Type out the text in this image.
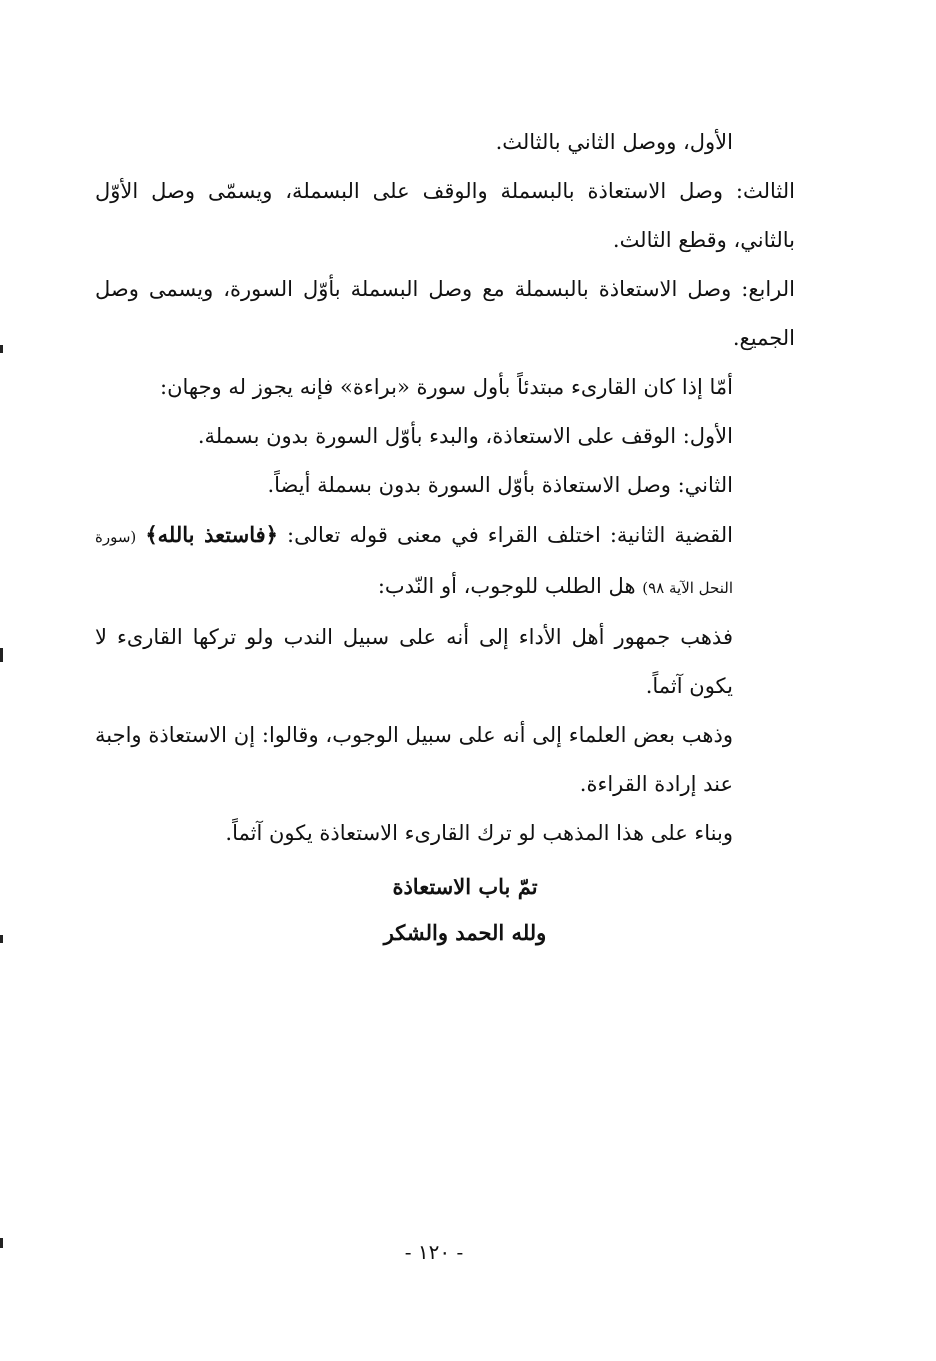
الأول، ووصل الثاني بالثالث.

الثالث: وصل الاستعاذة بالبسملة والوقف على البسملة، ويسمّى وصل الأوّل بالثاني، وقطع الثالث.

الرابع: وصل الاستعاذة بالبسملة مع وصل البسملة بأوّل السورة، ويسمى وصل الجميع.

أمّا إذا كان القارىء مبتدئاً بأول سورة «براءة» فإنه يجوز له وجهان:

الأول: الوقف على الاستعاذة، والبدء بأوّل السورة بدون بسملة.

الثاني: وصل الاستعاذة بأوّل السورة بدون بسملة أيضاً.

القضية الثانية: اختلف القراء في معنى قوله تعالى: ﴿فاستعذ بالله﴾ (سورة النحل الآية ٩٨) هل الطلب للوجوب، أو النّدب:

فذهب جمهور أهل الأداء إلى أنه على سبيل الندب ولو تركها القارىء لا يكون آثماً.

وذهب بعض العلماء إلى أنه على سبيل الوجوب، وقالوا: إن الاستعاذة واجبة عند إرادة القراءة.

وبناء على هذا المذهب لو ترك القارىء الاستعاذة يكون آثماً.

تمّ باب الاستعاذة
ولله الحمد والشكر
- ١٢٠ -
